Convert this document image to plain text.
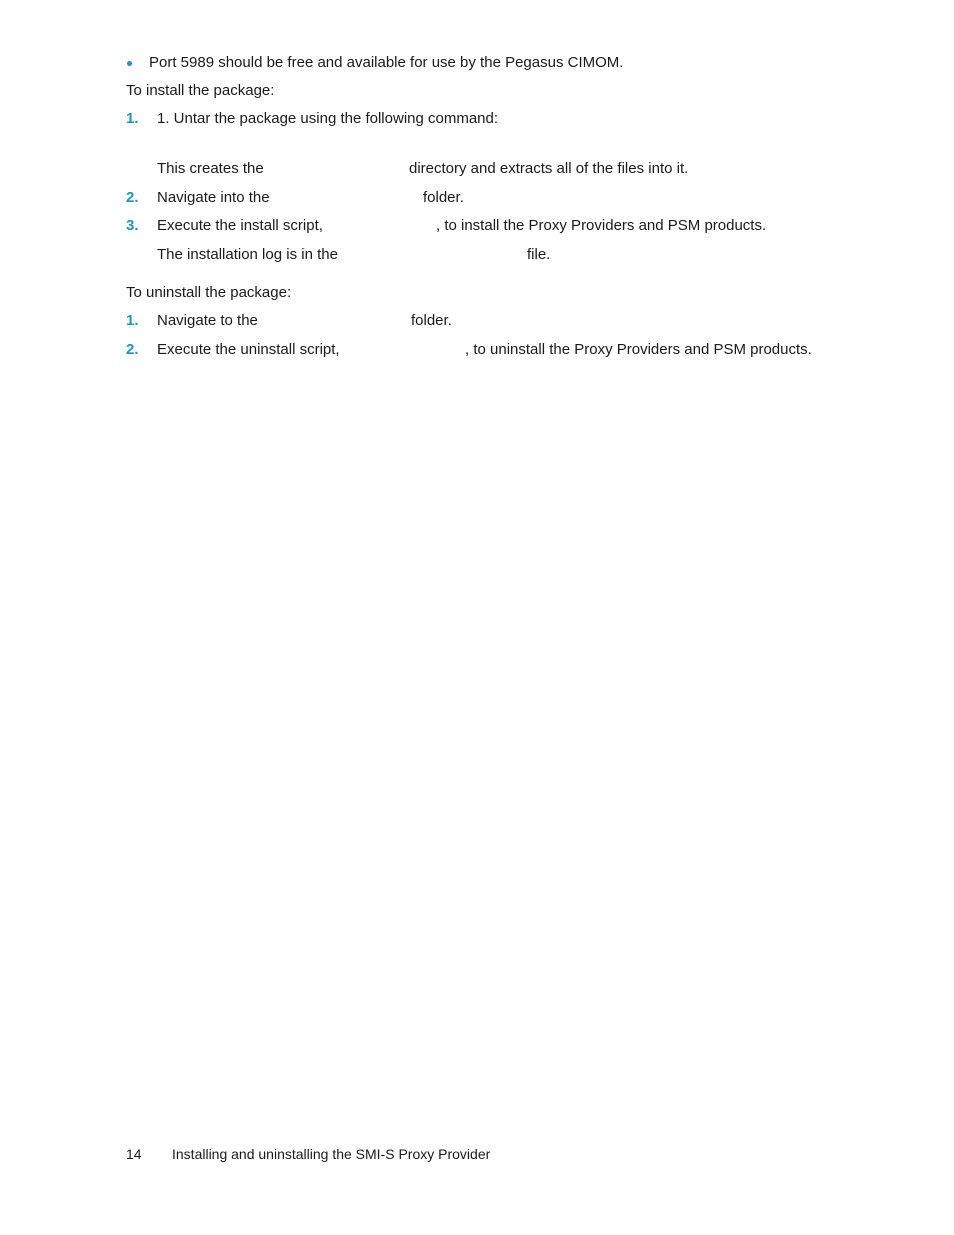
Port 5989 should be free and available for use by the Pegasus CIMOM.
To install the package:
1. 1. Untar the package using the following command:
This creates the	directory and extracts all of the files into it.
2. Navigate into the	folder.
3. Execute the install script,	, to install the Proxy Providers and PSM products.
The installation log is in the	file.
To uninstall the package:
1. Navigate to the	folder.
2. Execute the uninstall script,	, to uninstall the Proxy Providers and PSM products.
14 Installing and uninstalling the SMI-S Proxy Provider
